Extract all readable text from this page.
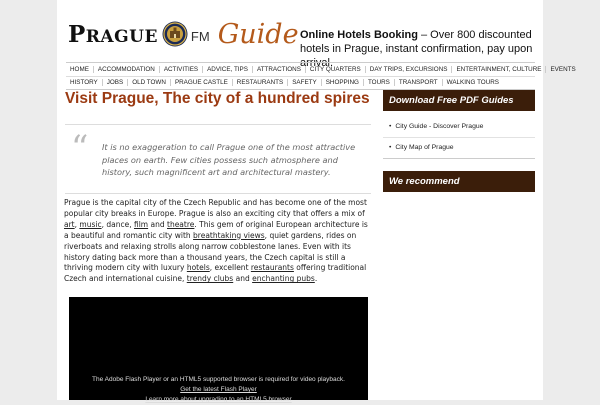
PRAGUE	FM Guide Online Hotels Booking – Over 800 discounted hotels in Prague, instant confirmation, pay upon arrival.
HOME	ACCOMMODATION	ACTIVITIES	ADVICE, TIPS	ATTRACTIONS	CITY QUARTERS	DAY TRIPS, EXCURSIONS	ENTERTAINMENT, CULTURE	EVENTS
HISTORY	JOBS	OLD TOWN	PRAGUE CASTLE	RESTAURANTS	SAFETY	SHOPPING	TOURS	TRANSPORT	WALKING TOURS
Visit Prague, The city of a hundred spires
“ It is no exaggeration to call Prague one of the most attractive places on earth. Few cities possess such atmosphere and history, such magnificent art and architectural mastery.
Prague is the capital city of the Czech Republic and has become one of the most popular city breaks in Europe. Prague is also an exciting city that offers a mix of art, music, dance, film and theatre. This gem of original European architecture is a beautiful and romantic city with breathtaking views, quiet gardens, rides on riverboats and relaxing strolls along narrow cobblestone lanes. Even with its history dating back more than a thousand years, the Czech capital is still a thriving modern city with luxury hotels, excellent restaurants offering traditional Czech and international cuisine, trendy clubs and enchanting pubs.
The Adobe Flash Player or an HTML5 supported browser is required for video playback.
Get the latest Flash Player
Learn more about upgrading to an HTML5 browser
Download Free PDF Guides
• City Guide - Discover Prague
• City Map of Prague
We recommend
